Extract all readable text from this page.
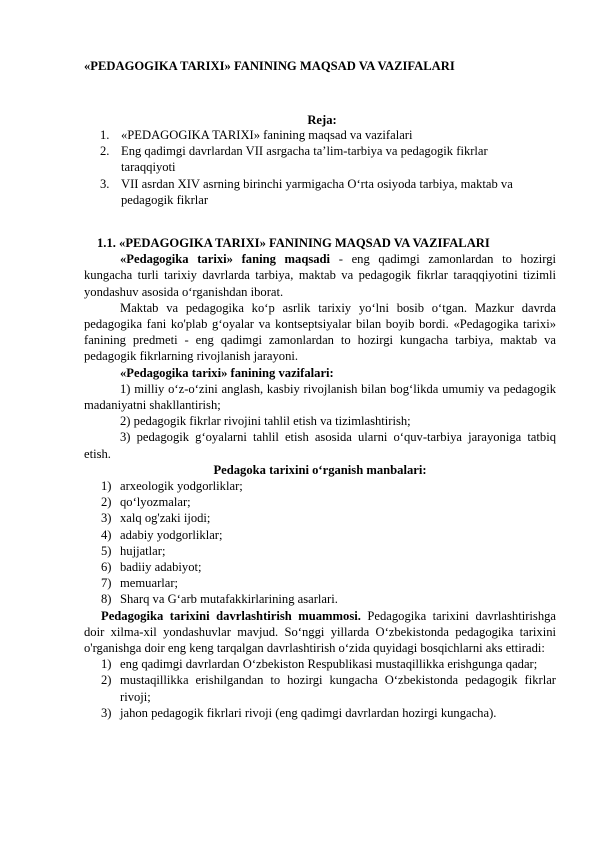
«PEDAGOGIKA TARIXI» FANINING MAQSAD VA VAZIFALARI
Reja:
1. «PEDAGOGIKA TARIXI» fanining maqsad va vazifalari
2. Eng qadimgi davrlardan VII asrgacha ta’lim-tarbiya va pedagogik fikrlar taraqqiyoti
3. VII asrdan XIV asrning birinchi yarmigacha O‘rta osiyoda tarbiya, maktab va pedagogik fikrlar

1.1. «PEDAGOGIKA TARIXI» FANINING MAQSAD VA VAZIFALARI

«Pedagogika tarixi» faning maqsadi - eng qadimgi zamonlardan to hozirgi kungacha turli tarixiy davrlarda tarbiya, maktab va pedagogik fikrlar taraqqiyotini tizimli yondashuv asosida o‘rganishdan iborat.

Maktab va pedagogika ko‘p asrlik tarixiy yo‘lni bosib o‘tgan. Mazkur davrda pedagogika fani ko'plab g‘oyalar va kontseptsiyalar bilan boyib bordi. «Pedagogika tarixi» fanining predmeti - eng qadimgi zamonlardan to hozirgi kungacha tarbiya, maktab va pedagogik fikrlarning rivojlanish jarayoni.

«Pedagogika tarixi» fanining vazifalari:

1) milliy o‘z-o‘zini anglash, kasbiy rivojlanish bilan bog‘likda umumiy va pedagogik madaniyatni shakllantirish;

2) pedagogik fikrlar rivojini tahlil etish va tizimlashtirish;

3) pedagogik g‘oyalarni tahlil etish asosida ularni o‘quv-tarbiya jarayoniga tatbiq etish.

Pedagoka tarixini o‘rganish manbalari:

1) arxeologik yodgorliklar;
2) qo‘lyozmalar;
3) xalq og'zaki ijodi;
4) adabiy yodgorliklar;
5) hujjatlar;
6) badiiy adabiyot;
7) memuarlar;
8) Sharq va G‘arb mutafakkirlarining asarlari.

Pedagogika tarixini davrlashtirish muammosi. Pedagogika tarixini davrlashtirishga doir xilma-xil yondashuvlar mavjud. So‘nggi yillarda O‘zbekistonda pedagogika tarixini o'rganishga doir eng keng tarqalgan davrlashtirish o‘zida quyidagi bosqichlarni aks ettiradi:

1) eng qadimgi davrlardan O‘zbekiston Respublikasi mustaqillikka erishgunga qadar;
2) mustaqillikka erishilgandan to hozirgi kungacha O‘zbekistonda pedagogik fikrlar rivoji;
3) jahon pedagogik fikrlari rivoji (eng qadimgi davrlardan hozirgi kungacha).
